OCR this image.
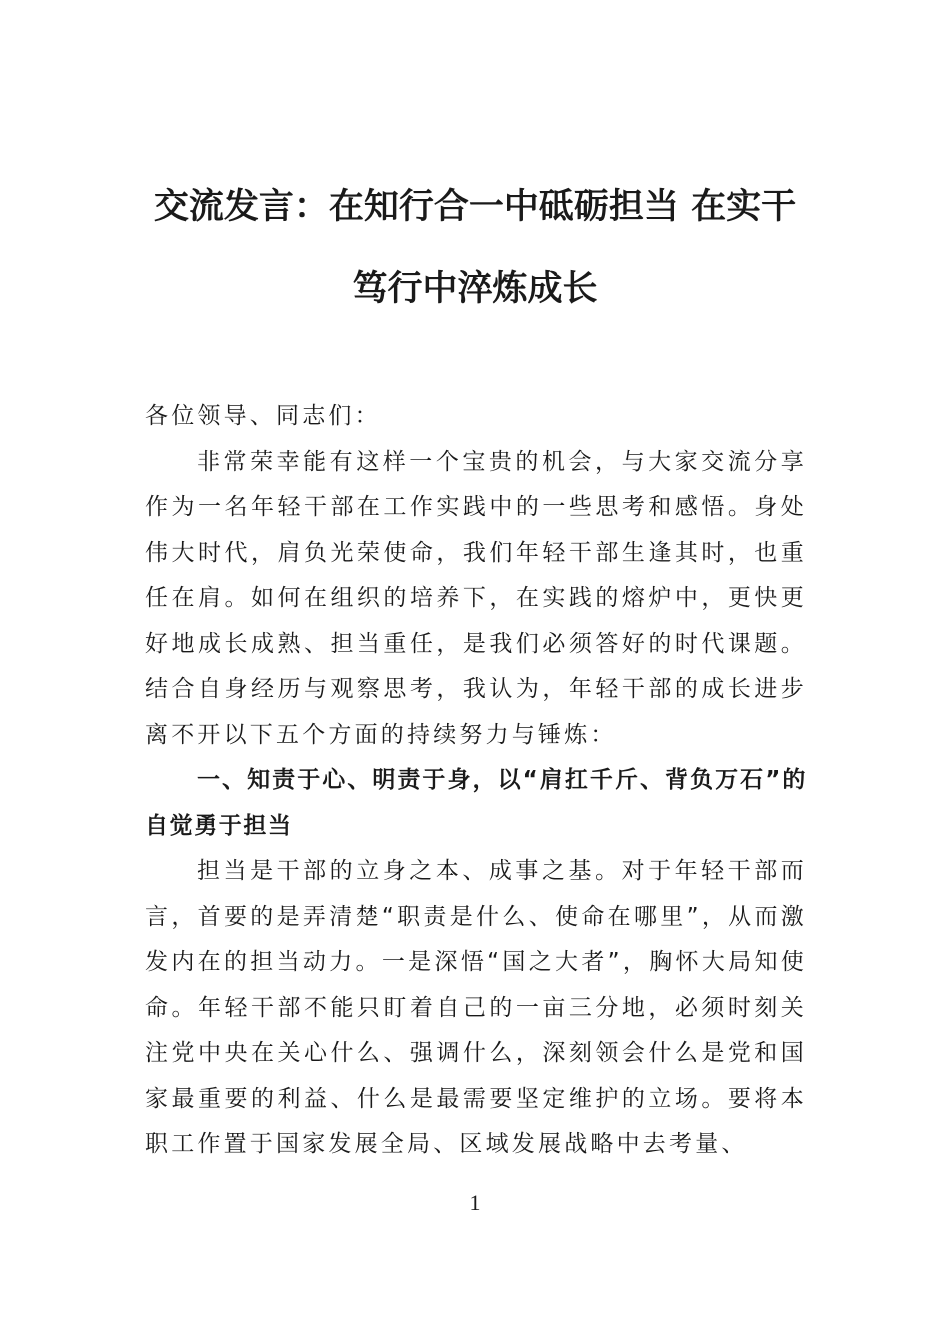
交流发言：在知行合一中砥砺担当 在实干
笃行中淬炼成长

各位领导、同志们：

非常荣幸能有这样一个宝贵的机会，与大家交流分享作为一名年轻干部在工作实践中的一些思考和感悟。身处伟大时代，肩负光荣使命，我们年轻干部生逢其时，也重任在肩。如何在组织的培养下，在实践的熔炉中，更快更好地成长成熟、担当重任，是我们必须答好的时代课题。结合自身经历与观察思考，我认为，年轻干部的成长进步离不开以下五个方面的持续努力与锤炼：

一、知责于心、明责于身，以“肩扛千斤、背负万石”的自觉勇于担当

担当是干部的立身之本、成事之基。对于年轻干部而言，首要的是弄清楚“职责是什么、使命在哪里”，从而激发内在的担当动力。一是深悟“国之大者”，胸怀大局知使命。年轻干部不能只盯着自己的一亩三分地，必须时刻关注党中央在关心什么、强调什么，深刻领会什么是党和国家最重要的利益、什么是最需要坚定维护的立场。要将本职工作置于国家发展全局、区域发展战略中去考量、

1
